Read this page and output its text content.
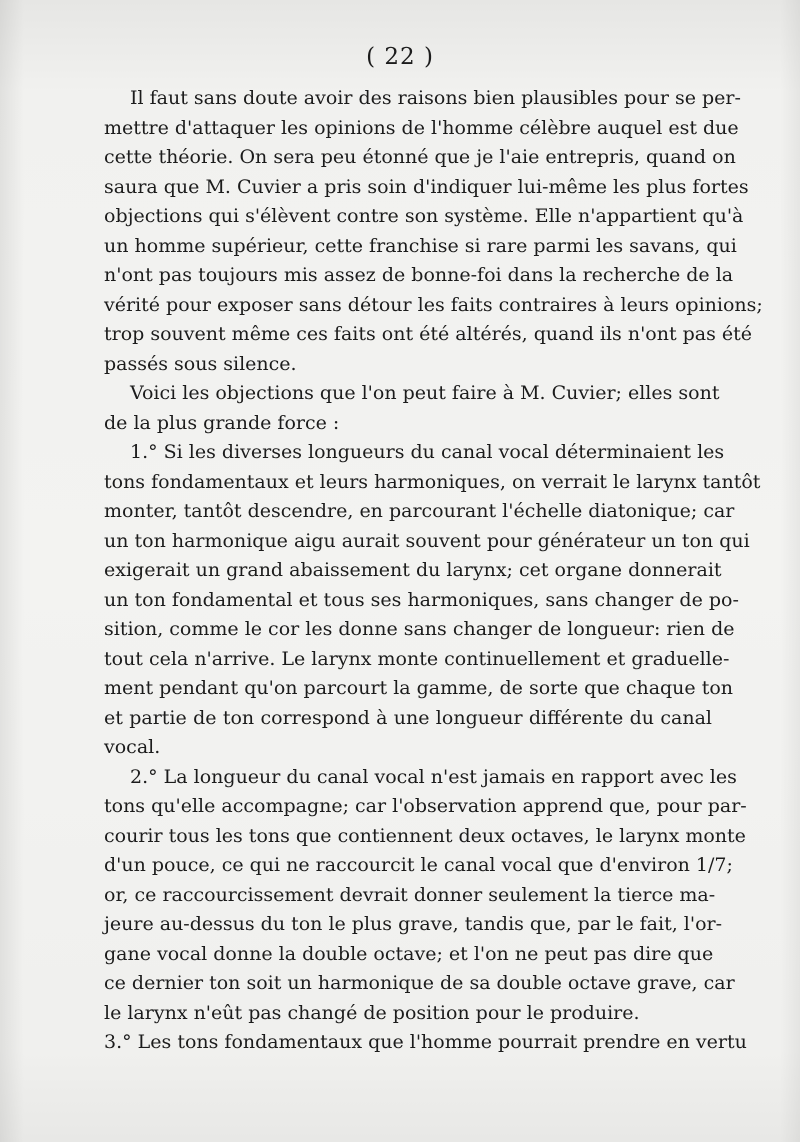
( 22 )
Il faut sans doute avoir des raisons bien plausibles pour se per-
mettre d'attaquer les opinions de l'homme célèbre auquel est due
cette théorie. On sera peu étonné que je l'aie entrepris, quand on
saura que M. Cuvier a pris soin d'indiquer lui-même les plus fortes
objections qui s'élèvent contre son système. Elle n'appartient qu'à
un homme supérieur, cette franchise si rare parmi les savans, qui
n'ont pas toujours mis assez de bonne-foi dans la recherche de la
vérité pour exposer sans détour les faits contraires à leurs opinions;
trop souvent même ces faits ont été altérés, quand ils n'ont pas été
passés sous silence.
Voici les objections que l'on peut faire à M. Cuvier; elles sont
de la plus grande force :
1.° Si les diverses longueurs du canal vocal déterminaient les
tons fondamentaux et leurs harmoniques, on verrait le larynx tantôt
monter, tantôt descendre, en parcourant l'échelle diatonique; car
un ton harmonique aigu aurait souvent pour générateur un ton qui
exigerait un grand abaissement du larynx; cet organe donnerait
un ton fondamental et tous ses harmoniques, sans changer de po-
sition, comme le cor les donne sans changer de longueur: rien de
tout cela n'arrive. Le larynx monte continuellement et graduelle-
ment pendant qu'on parcourt la gamme, de sorte que chaque ton
et partie de ton correspond à une longueur différente du canal
vocal.
2.° La longueur du canal vocal n'est jamais en rapport avec les
tons qu'elle accompagne; car l'observation apprend que, pour par-
courir tous les tons que contiennent deux octaves, le larynx monte
d'un pouce, ce qui ne raccourcit le canal vocal que d'environ 1/7;
or, ce raccourcissement devrait donner seulement la tierce ma-
jeure au-dessus du ton le plus grave, tandis que, par le fait, l'or-
gane vocal donne la double octave; et l'on ne peut pas dire que
ce dernier ton soit un harmonique de sa double octave grave, car
le larynx n'eût pas changé de position pour le produire.
3.° Les tons fondamentaux que l'homme pourrait prendre en vertu
